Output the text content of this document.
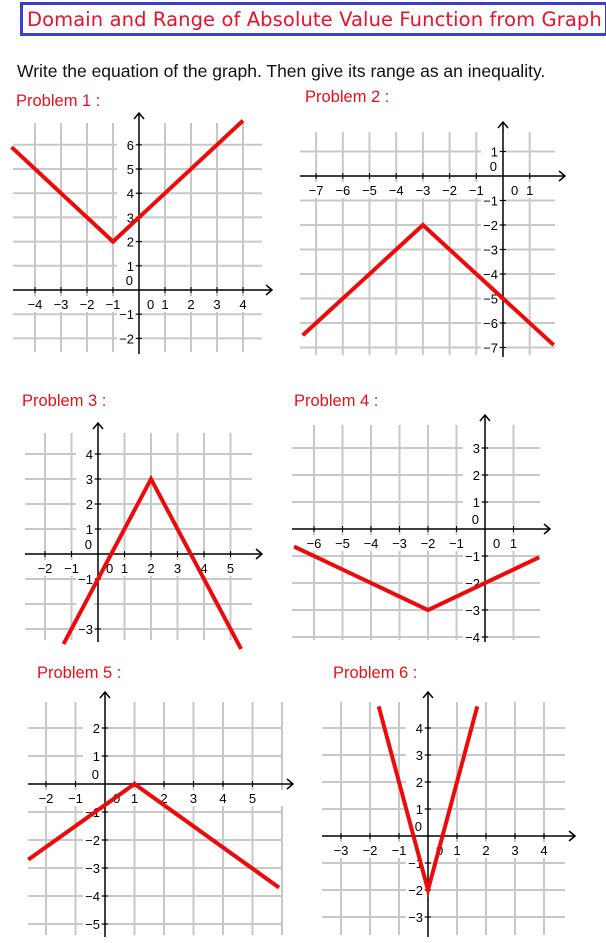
Domain and Range of Absolute Value Function from Graph
Write the equation of the graph. Then give its range as an inequality.
Problem 1 :	Problem 2 :
Problem 3 :	Problem 4 :
Problem 5 :	Problem 6 :
−4 −3 −2 −1 0 1 2 3 4
−2
−1
0
1
2
3
4
5
6
−7 −6 −5 −4 −3 −2 −1 0 1
−7
−6
−5
−4
−3
−2
−1
0
1
−2 −1 0 1 2 3 4 5
−3
−1
0
1
2
3
4
−6 −5 −4 −3 −2 −1 0 1
−4
−3
−2
−1
0
1
2
3
−2 −1 0 1 2 3 4 5
−5
−4
−3
−2
−1
0
1
2
−3 −2 −1 0 1 2 3 4
−3
−2
−1
0
1
2
3
4
